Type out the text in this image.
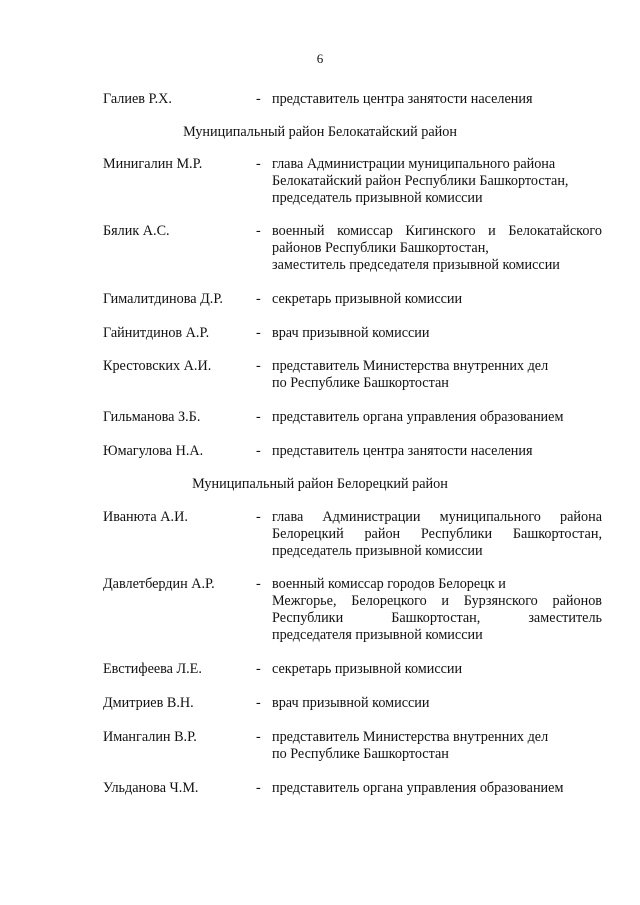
6
Галиев Р.Х.	- представитель центра занятости населения
Муниципальный район Белокатайский район
Минигалин М.Р.	- глава Администрации муниципального района
Белокатайский район Республики Башкортостан,
председатель призывной комиссии
Бялик А.С.	- военный комиссар Кигинского и Белокатайского
районов Республики Башкортостан,
заместитель председателя призывной комиссии
Гималитдинова Д.Р. - секретарь призывной комиссии
Гайнитдинов А.Р.	- врач призывной комиссии
Крестовских А.И.	- представитель Министерства внутренних дел
по Республике Башкортостан
Гильманова З.Б.	- представитель органа управления образованием
Юмагулова Н.А.	- представитель центра занятости населения
Муниципальный район Белорецкий район
Иванюта А.И.	- глава Администрации муниципального района
Белорецкий район Республики Башкортостан,
председатель призывной комиссии
Давлетбердин А.Р.	- военный комиссар городов Белорецк и
Межгорье, Белорецкого и Бурзянского районов
Республики Башкортостан, заместитель
председателя призывной комиссии
Евстифеева Л.Е.	- секретарь призывной комиссии
Дмитриев В.Н.	- врач призывной комиссии
Имангалин В.Р.	- представитель Министерства внутренних дел
по Республике Башкортостан
Ульданова Ч.М.	- представитель органа управления образованием
